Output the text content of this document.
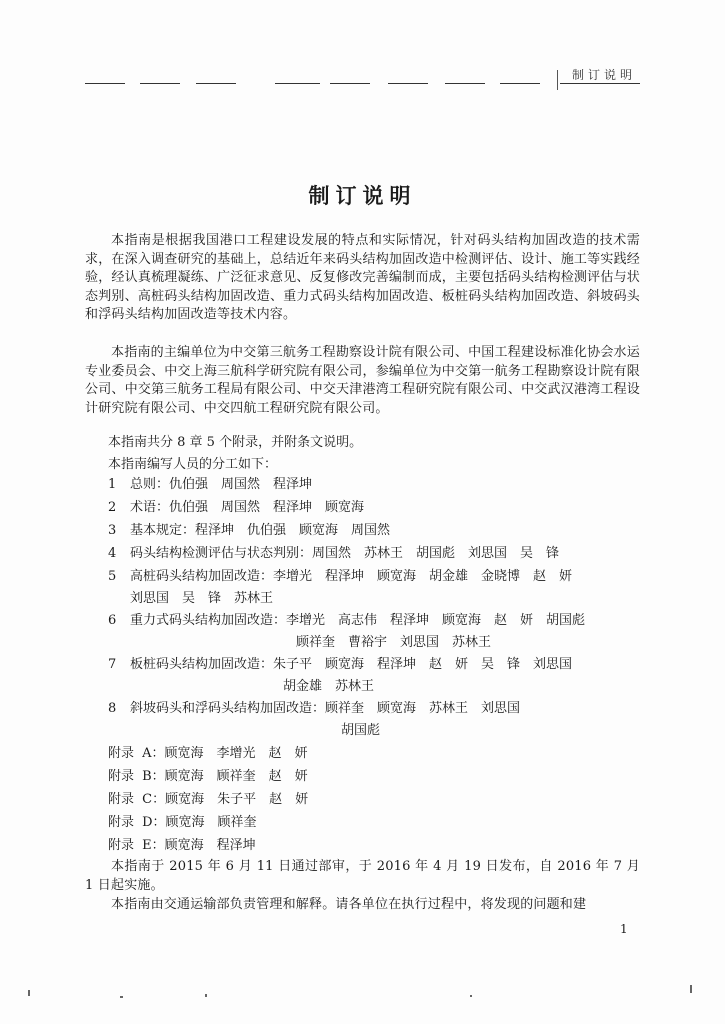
制订说明
制订说明

本指南是根据我国港口工程建设发展的特点和实际情况，针对码头结构加固改造的技术需求，在深入调查研究的基础上，总结近年来码头结构加固改造中检测评估、设计、施工等实践经验，经认真梳理凝练、广泛征求意见、反复修改完善编制而成，主要包括码头结构检测评估与状态判别、高桩码头结构加固改造、重力式码头结构加固改造、板桩码头结构加固改造、斜坡码头和浮码头结构加固改造等技术内容。

本指南的主编单位为中交第三航务工程勘察设计院有限公司、中国工程建设标准化协会水运专业委员会、中交上海三航科学研究院有限公司，参编单位为中交第一航务工程勘察设计院有限公司、中交第三航务工程局有限公司、中交天津港湾工程研究院有限公司、中交武汉港湾工程设计研究院有限公司、中交四航工程研究院有限公司。

本指南共分 8 章 5 个附录，并附条文说明。
本指南编写人员的分工如下：
1 总则：仇伯强　周国然　程泽坤
2 术语：仇伯强　周国然　程泽坤　顾宽海
3 基本规定：程泽坤　仇伯强　顾宽海　周国然
4 码头结构检测评估与状态判别：周国然　苏林王　胡国彪　刘思国　吴　锋
5 高桩码头结构加固改造：李增光　程泽坤　顾宽海　胡金雄　金晓博　赵　妍
刘思国　吴　锋　苏林王
6 重力式码头结构加固改造：李增光　高志伟　程泽坤　顾宽海　赵　妍　胡国彪
顾祥奎　曹裕宇　刘思国　苏林王
7 板桩码头结构加固改造：朱子平　顾宽海　程泽坤　赵　妍　吴　锋　刘思国
胡金雄　苏林王
8 斜坡码头和浮码头结构加固改造：顾祥奎　顾宽海　苏林王　刘思国
胡国彪
附录 A：顾宽海　李增光　赵　妍
附录 B：顾宽海　顾祥奎　赵　妍
附录 C：顾宽海　朱子平　赵　妍
附录 D：顾宽海　顾祥奎
附录 E：顾宽海　程泽坤

本指南于 2015 年 6 月 11 日通过部审，于 2016 年 4 月 19 日发布，自 2016 年 7 月 1 日起实施。

本指南由交通运输部负责管理和解释。请各单位在执行过程中，将发现的问题和建

1
